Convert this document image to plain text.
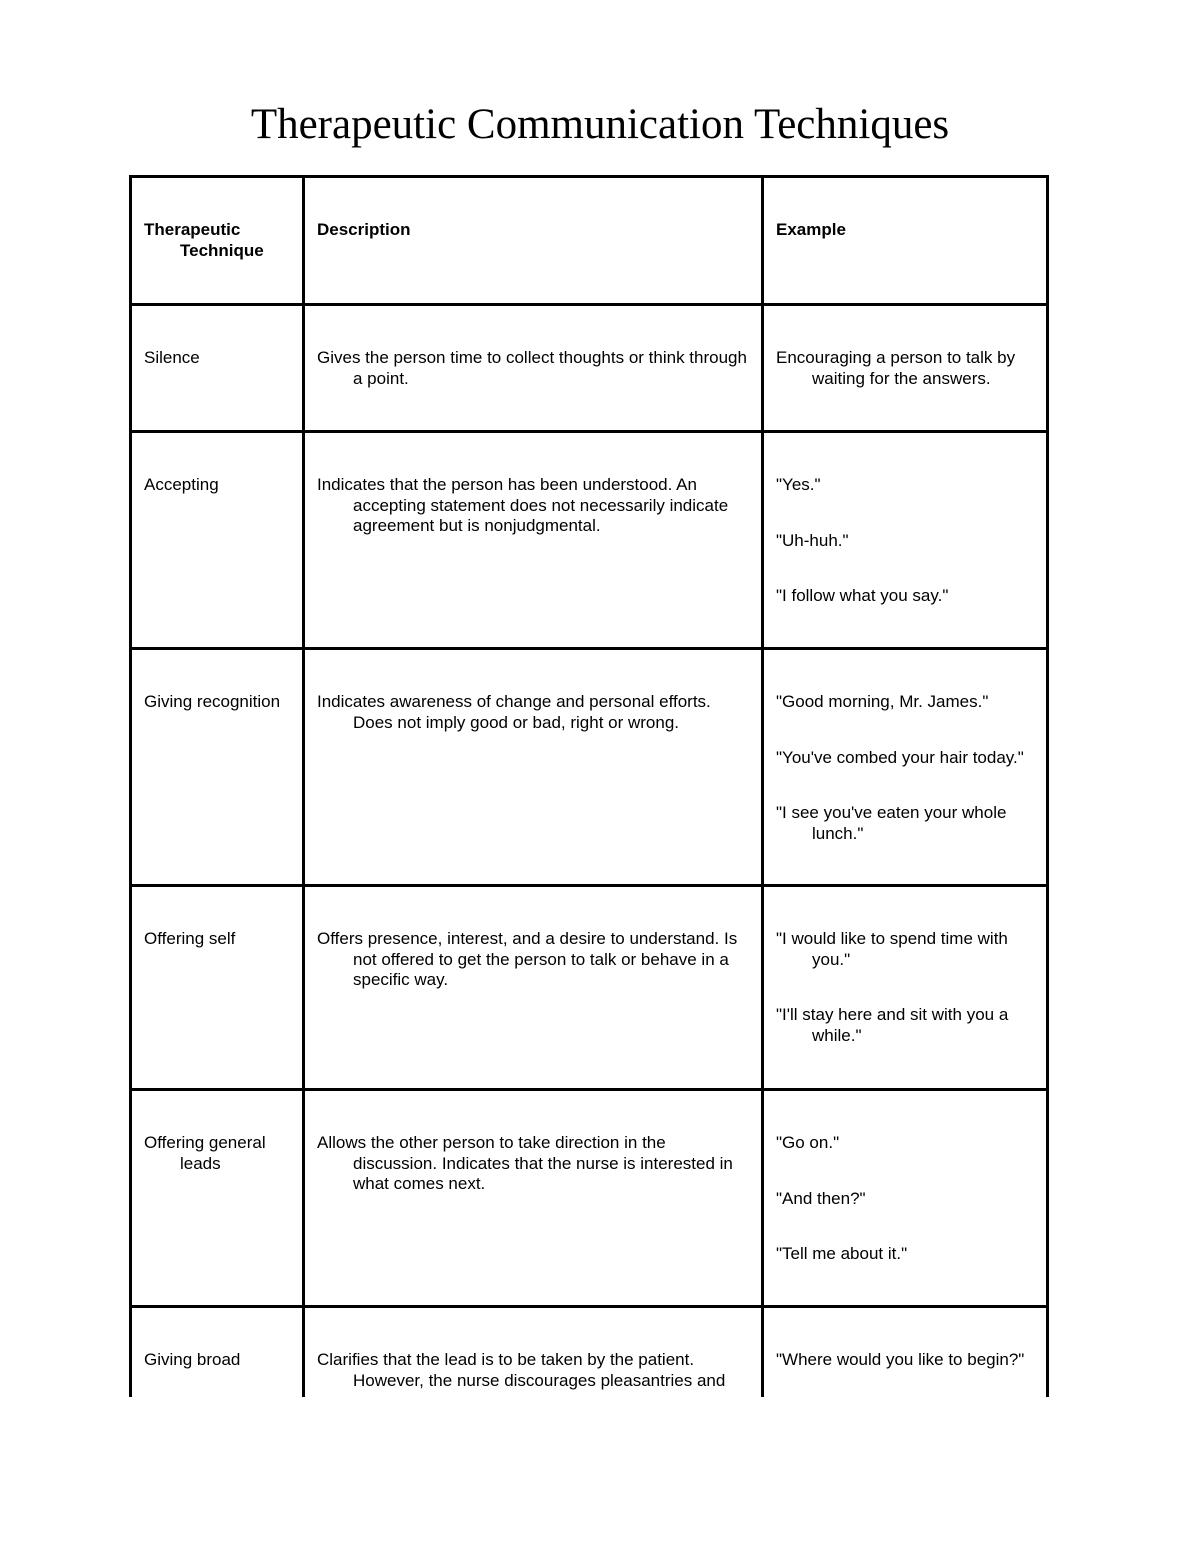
Therapeutic Communication Techniques

Therapeutic Technique	Description	Example

Silence	Gives the person time to collect thoughts or think through a point.	Encouraging a person to talk by waiting for the answers.

Accepting	Indicates that the person has been understood. An accepting statement does not necessarily indicate agreement but is nonjudgmental.	"Yes."

"Uh-huh."

"I follow what you say."

Giving recognition	Indicates awareness of change and personal efforts. Does not imply good or bad, right or wrong.	"Good morning, Mr. James."

"You've combed your hair today."

"I see you've eaten your whole lunch."

Offering self	Offers presence, interest, and a desire to understand. Is not offered to get the person to talk or behave in a specific way.	"I would like to spend time with you."

"I'll stay here and sit with you a while."

Offering general leads	Allows the other person to take direction in the discussion. Indicates that the nurse is interested in what comes next.	"Go on."

"And then?"

"Tell me about it."

Giving broad	Clarifies that the lead is to be taken by the patient. However, the nurse discourages pleasantries and	"Where would you like to begin?"
